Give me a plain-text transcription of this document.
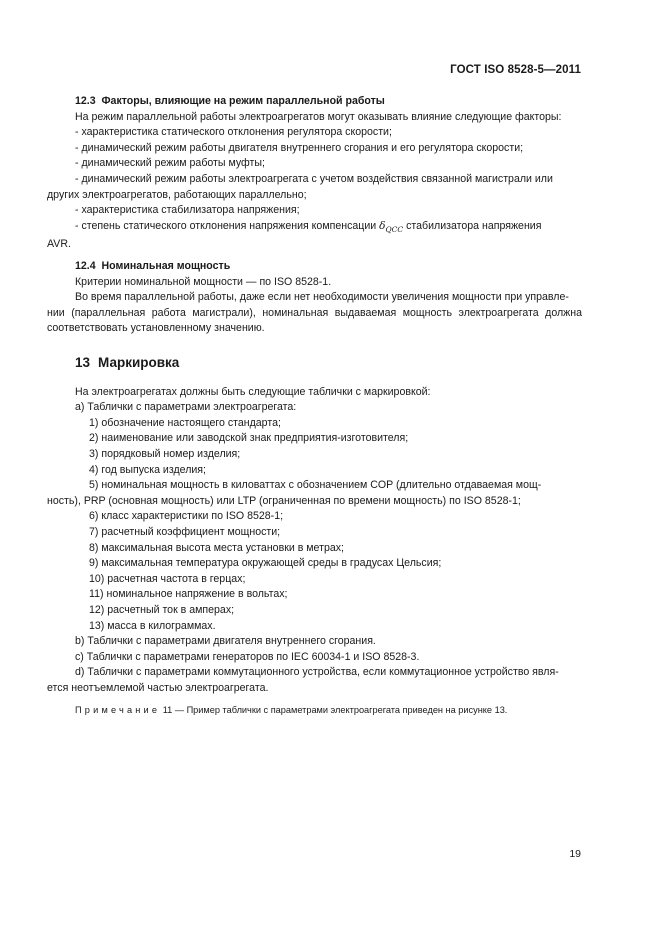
ГОСТ ISO 8528-5—2011

12.3 Факторы, влияющие на режим параллельной работы

На режим параллельной работы электроагрегатов могут оказывать влияние следующие факторы:

- характеристика статического отклонения регулятора скорости;

- динамический режим работы двигателя внутреннего сгорания и его регулятора скорости;

- динамический режим работы муфты;

- динамический режим работы электроагрегата с учетом воздействия связанной магистрали или

других электроагрегатов, работающих параллельно;

- характеристика стабилизатора напряжения;

- степень статического отклонения напряжения компенсации $\delta_{QCC}$ стабилизатора напряжения

AVR.

12.4 Номинальная мощность

Критерии номинальной мощности — по ISO 8528-1.

Во время параллельной работы, даже если нет необходимости увеличения мощности при управле-

нии (параллельная работа магистрали), номинальная выдаваемая мощность электроагрегата должна соответствовать установленному значению.

13 Маркировка

На электроагрегатах должны быть следующие таблички с маркировкой:

a) Таблички с параметрами электроагрегата:

1) обозначение настоящего стандарта;

2) наименование или заводской знак предприятия-изготовителя;

3) порядковый номер изделия;

4) год выпуска изделия;

5) номинальная мощность в киловаттах с обозначением COP (длительно отдаваемая мощ-

ность), PRP (основная мощность) или LTP (ограниченная по времени мощность) по ISO 8528-1;

6) класс характеристики по ISO 8528-1;

7) расчетный коэффициент мощности;

8) максимальная высота места установки в метрах;

9) максимальная температура окружающей среды в градусах Цельсия;

10) расчетная частота в герцах;

11) номинальное напряжение в вольтах;

12) расчетный ток в амперах;

13) масса в килограммах.

b) Таблички с параметрами двигателя внутреннего сгорания.

c) Таблички с параметрами генераторов по IEC 60034-1 и ISO 8528-3.

d) Таблички с параметрами коммутационного устройства, если коммутационное устройство явля-

ется неотъемлемой частью электроагрегата.

Примечание 11 — Пример таблички с параметрами электроагрегата приведен на рисунке 13.

19
